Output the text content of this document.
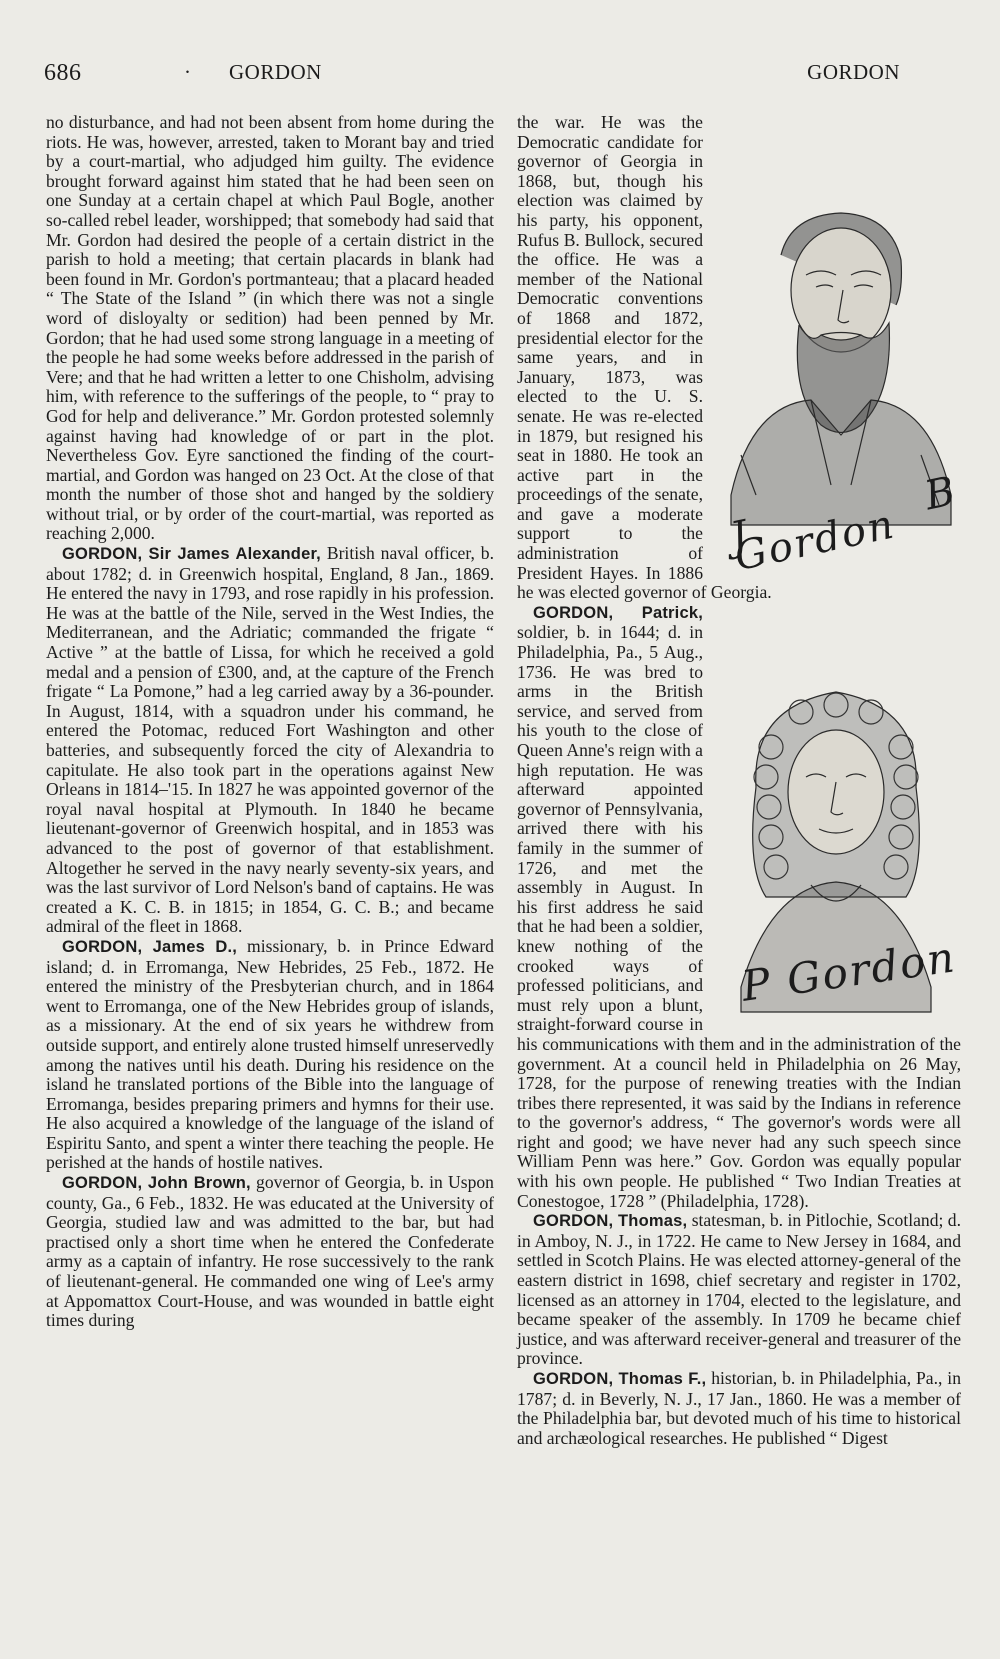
686	· GORDON	GORDON

no disturbance, and had not been absent from home during the riots. He was, however, arrested, taken to Morant bay and tried by a court-martial, who adjudged him guilty. The evidence brought forward against him stated that he had been seen on one Sunday at a certain chapel at which Paul Bogle, another so-called rebel leader, worshipped; that somebody had said that Mr. Gordon had desired the people of a certain district in the parish to hold a meeting; that certain placards in blank had been found in Mr. Gordon's portmanteau; that a placard headed “ The State of the Island ” (in which there was not a single word of disloyalty or sedition) had been penned by Mr. Gordon; that he had used some strong language in a meeting of the people he had some weeks before addressed in the parish of Vere; and that he had written a letter to one Chisholm, advising him, with reference to the sufferings of the people, to “ pray to God for help and deliverance.” Mr. Gordon protested solemnly against having had knowledge of or part in the plot. Nevertheless Gov. Eyre sanctioned the finding of the court-martial, and Gordon was hanged on 23 Oct. At the close of that month the number of those shot and hanged by the soldiery without trial, or by order of the court-martial, was reported as reaching 2,000.

GORDON, Sir James Alexander, British naval officer, b. about 1782; d. in Greenwich hospital, England, 8 Jan., 1869. He entered the navy in 1793, and rose rapidly in his profession. He was at the battle of the Nile, served in the West Indies, the Mediterranean, and the Adriatic; commanded the frigate “ Active ” at the battle of Lissa, for which he received a gold medal and a pension of £300, and, at the capture of the French frigate “ La Pomone,” had a leg carried away by a 36-pounder. In August, 1814, with a squadron under his command, he entered the Potomac, reduced Fort Washington and other batteries, and subsequently forced the city of Alexandria to capitulate. He also took part in the operations against New Orleans in 1814–'15. In 1827 he was appointed governor of the royal naval hospital at Plymouth. In 1840 he became lieutenant-governor of Greenwich hospital, and in 1853 was advanced to the post of governor of that establishment. Altogether he served in the navy nearly seventy-six years, and was the last survivor of Lord Nelson's band of captains. He was created a K. C. B. in 1815; in 1854, G. C. B.; and became admiral of the fleet in 1868.

GORDON, James D., missionary, b. in Prince Edward island; d. in Erromanga, New Hebrides, 25 Feb., 1872. He entered the ministry of the Presbyterian church, and in 1864 went to Erromanga, one of the New Hebrides group of islands, as a missionary. At the end of six years he withdrew from outside support, and entirely alone trusted himself unreservedly among the natives until his death. During his residence on the island he translated portions of the Bible into the language of Erromanga, besides preparing primers and hymns for their use. He also acquired a knowledge of the language of the island of Espiritu Santo, and spent a winter there teaching the people. He perished at the hands of hostile natives.

GORDON, John Brown, governor of Georgia, b. in Uspon county, Ga., 6 Feb., 1832. He was educated at the University of Georgia, studied law and was admitted to the bar, but had practised only a short time when he entered the Confederate army as a captain of infantry. He rose successively to the rank of lieutenant-general. He commanded one wing of Lee's army at Appomattox Court-House, and was wounded in battle eight times during

J B Gordon

the war. He was the Democratic candidate for governor of Georgia in 1868, but, though his election was claimed by his party, his opponent, Rufus B. Bullock, secured the office. He was a member of the National Democratic conventions of 1868 and 1872, presidential elector for the same years, and in January, 1873, was elected to the U. S. senate. He was re-elected in 1879, but resigned his seat in 1880. He took an active part in the proceedings of the senate, and gave a moderate support to the administration of President Hayes. In 1886 he was elected governor of Georgia.

P Gordon

GORDON, Patrick, soldier, b. in 1644; d. in Philadelphia, Pa., 5 Aug., 1736. He was bred to arms in the British service, and served from his youth to the close of Queen Anne's reign with a high reputation. He was afterward appointed governor of Pennsylvania, arrived there with his family in the summer of 1726, and met the assembly in August. In his first address he said that he had been a soldier, knew nothing of the crooked ways of professed politicians, and must rely upon a blunt, straight-forward course in his communications with them and in the administration of the government. At a council held in Philadelphia on 26 May, 1728, for the purpose of renewing treaties with the Indian tribes there represented, it was said by the Indians in reference to the governor's address, “ The governor's words were all right and good; we have never had any such speech since William Penn was here.” Gov. Gordon was equally popular with his own people. He published “ Two Indian Treaties at Conestogoe, 1728 ” (Philadelphia, 1728).

GORDON, Thomas, statesman, b. in Pitlochie, Scotland; d. in Amboy, N. J., in 1722. He came to New Jersey in 1684, and settled in Scotch Plains. He was elected attorney-general of the eastern district in 1698, chief secretary and register in 1702, licensed as an attorney in 1704, elected to the legislature, and became speaker of the assembly. In 1709 he became chief justice, and was afterward receiver-general and treasurer of the province.

GORDON, Thomas F., historian, b. in Philadelphia, Pa., in 1787; d. in Beverly, N. J., 17 Jan., 1860. He was a member of the Philadelphia bar, but devoted much of his time to historical and archæological researches. He published “ Digest
